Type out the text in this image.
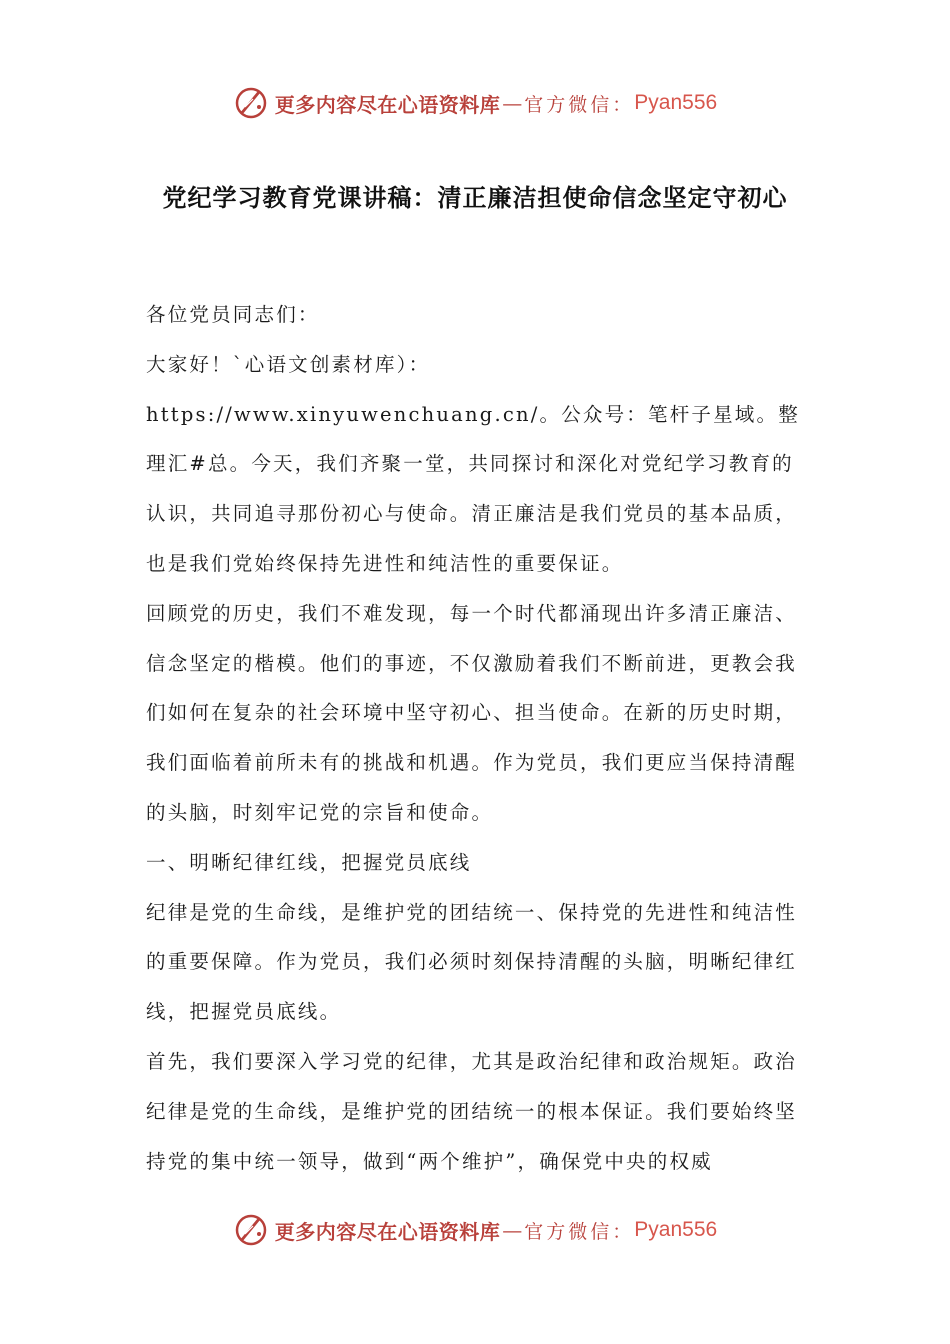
更多内容尽在心语资料库 — 官方微信： Pyan556
党纪学习教育党课讲稿：清正廉洁担使命信念坚定守初心

各位党员同志们：

大家好！`心语文创素材库）：https://www.xinyuwenchuang.cn/。公众号：笔杆子星域。整理汇#总。今天，我们齐聚一堂，共同探讨和深化对党纪学习教育的认识，共同追寻那份初心与使命。清正廉洁是我们党员的基本品质，也是我们党始终保持先进性和纯洁性的重要保证。

回顾党的历史，我们不难发现，每一个时代都涌现出许多清正廉洁、信念坚定的楷模。他们的事迹，不仅激励着我们不断前进，更教会我们如何在复杂的社会环境中坚守初心、担当使命。在新的历史时期，我们面临着前所未有的挑战和机遇。作为党员，我们更应当保持清醒的头脑，时刻牢记党的宗旨和使命。

一、明晰纪律红线，把握党员底线

纪律是党的生命线，是维护党的团结统一、保持党的先进性和纯洁性的重要保障。作为党员，我们必须时刻保持清醒的头脑，明晰纪律红线，把握党员底线。

首先，我们要深入学习党的纪律，尤其是政治纪律和政治规矩。政治纪律是党的生命线，是维护党的团结统一的根本保证。我们要始终坚持党的集中统一领导，做到“两个维护”，确保党中央的权威

更多内容尽在心语资料库 — 官方微信： Pyan556
